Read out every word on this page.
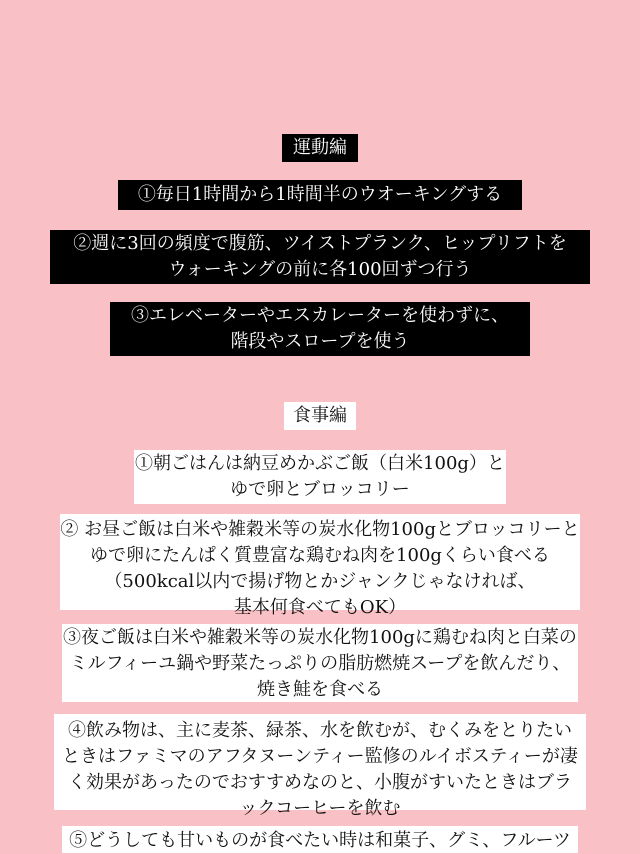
運動編
①毎日1時間から1時間半のウオーキングする
②週に3回の頻度で腹筋、ツイストプランク、ヒップリフトを
ウォーキングの前に各100回ずつ行う
③エレベーターやエスカレーターを使わずに、
階段やスロープを使う
食事編
①朝ごはんは納豆めかぶご飯（白米100g）と
ゆで卵とブロッコリー
② お昼ご飯は白米や雑穀米等の炭水化物100gとブロッコリーと
ゆで卵にたんぱく質豊富な鶏むね肉を100gくらい食べる
（500kcal以内で揚げ物とかジャンクじゃなければ、
基本何食べてもOK）
③夜ご飯は白米や雑穀米等の炭水化物100gに鶏むね肉と白菜の
ミルフィーユ鍋や野菜たっぷりの脂肪燃焼スープを飲んだり、
焼き鮭を食べる
④飲み物は、主に麦茶、緑茶、水を飲むが、むくみをとりたい
ときはファミマのアフタヌーンティー監修のルイボスティーが凄
く効果があったのでおすすめなのと、小腹がすいたときはブラ
ックコーヒーを飲む
⑤どうしても甘いものが食べたい時は和菓子、グミ、フルーツ
